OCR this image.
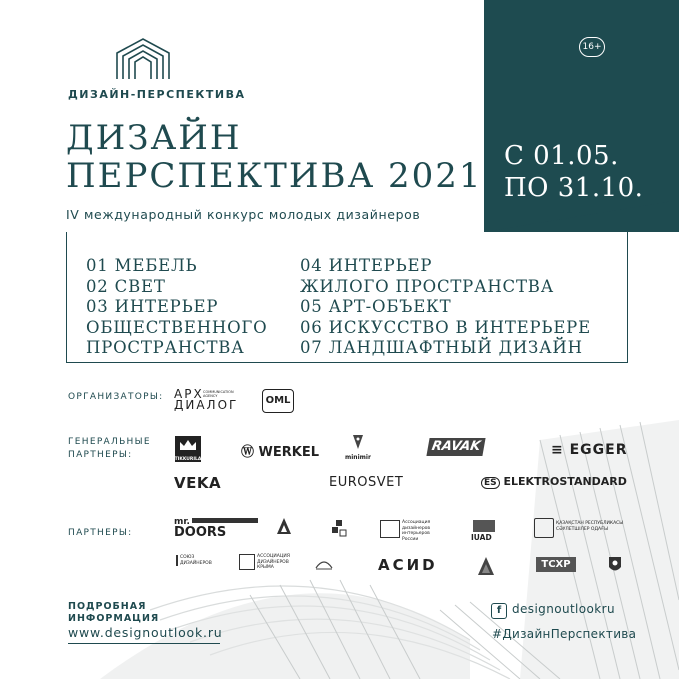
16+
С 01.05.
ПО 31.10.
ДИЗАЙН-ПЕРСПЕКТИВА
ДИЗАЙН
ПЕРСПЕКТИВА 2021
IV международный конкурс молодых дизайнеров
01 МЕБЕЛЬ
02 СВЕТ
03 ИНТЕРЬЕР
ОБЩЕСТВЕННОГО
ПРОСТРАНСТВА
04 ИНТЕРЬЕР
ЖИЛОГО ПРОСТРАНСТВА
05 АРТ-ОБЪЕКТ
06 ИСКУССТВО В ИНТЕРЬЕРЕ
07 ЛАНДШАФТНЫЙ ДИЗАЙН
ОРГАНИЗАТОРЫ: АРХ
ДИАЛОГ
COMMUNICATION AGENCY	OML
ГЕНЕРАЛЬНЫЕ
ПАРТНЕРЫ:	TIKKURILA	Ⓦ WERKEL	minimir
RAVAK	≡ EGGER
VEKA	EUROSVET	ES ELEKTROSTANDARD
ПАРТНЕРЫ:
mr.
DOORS
Ассоциация дизайнеров интерьеров России	IUAD
ҚАЗАҚСТАН РЕСПУБЛИКАСЫ СӘУЛЕТШІЛЕР ОДАҒЫ
СОЮЗ ДИЗАЙНЕРОВ
АССОЦИАЦИЯ ДИЗАЙНЕРОВ КРЫМА	АСИD	ТСХР
ПОДРОБНАЯ
ИНФОРМАЦИЯ
www.designoutlook.ru
f designoutlookru
#ДизайнПерспектива
